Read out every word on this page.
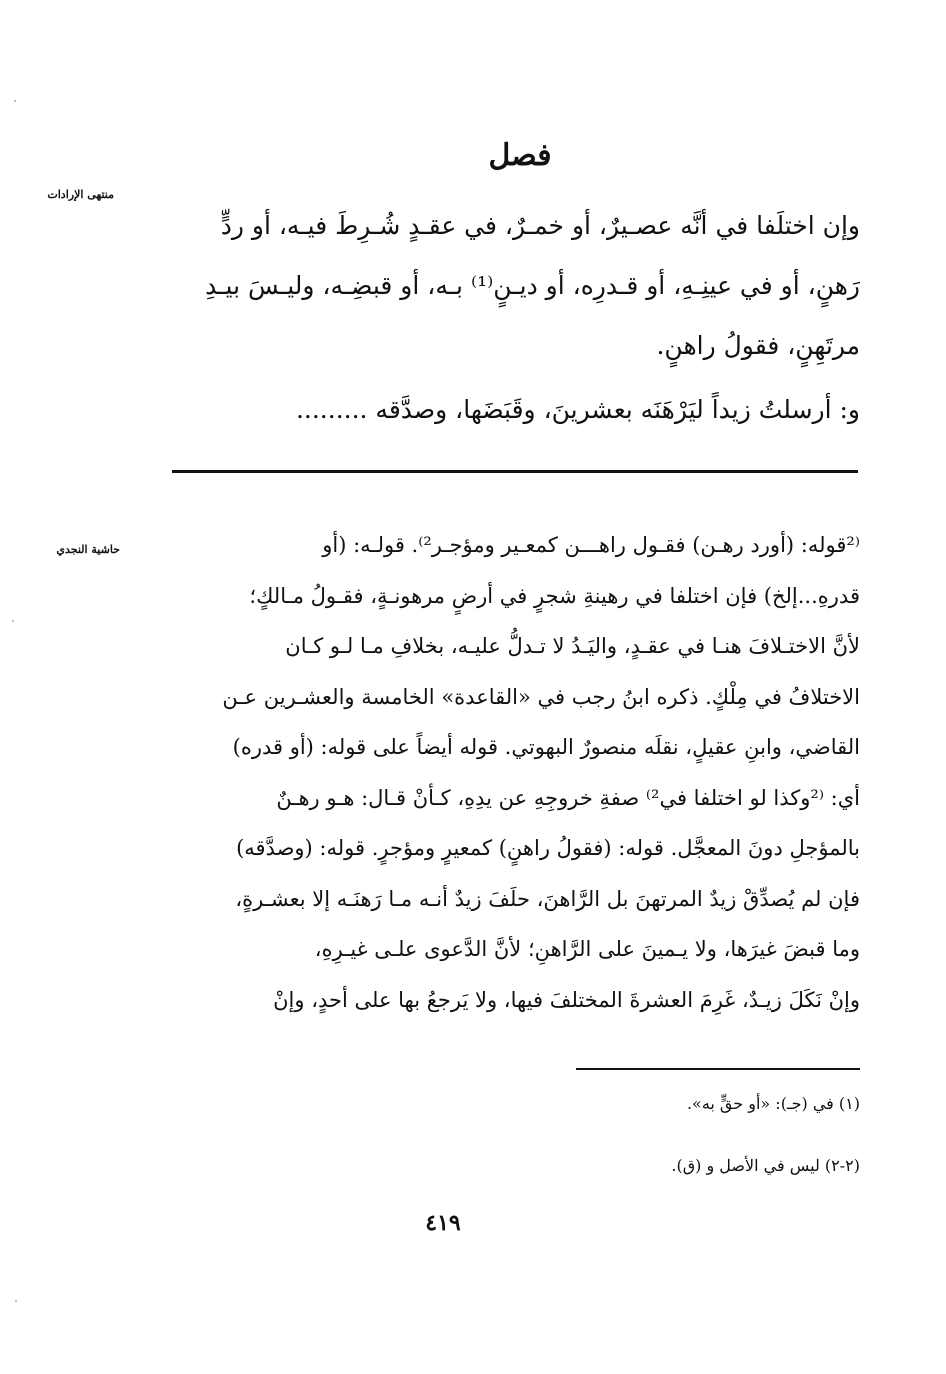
فصل
منتهى الإرادات
حاشية النجدي
وإن اختلَفا في أنَّه عصـيرٌ، أو خمـرٌ، في عقـدٍ شُـرِطَ فيـه، أو ردٍّ
رَهنٍ، أو في عينِـهِ، أو قـدرِه، أو ديـنٍ⁽¹⁾ بـه، أو قبضِـه، وليـسَ بيـدِ
مرتَهِنٍ، فقولُ راهنٍ.
و: أرسلتُ زيداً ليَرْهَنَه بعشرينَ، وقَبَضَها، وصدَّقه .........
⁽²قوله: (أورد رهـن) فقـول راهـــن كمعـير ومؤجـر²⁾. قولـه: (أو
قدرهِ...إلخ) فإن اختلفا في رهينةِ شجرٍ في أرضٍ مرهونـةٍ، فقـولُ مـالكٍ؛
لأنَّ الاختـلافَ هنـا في عقـدٍ، واليَـدُ لا تـدلُّ عليـه، بخلافِ مـا لـو كـان
الاختلافُ في مِلْكٍ. ذكره ابنُ رجب في «القاعدة» الخامسة والعشـرين عـن
القاضي، وابنِ عقيلٍ، نقلَه منصورٌ البهوتي. قوله أيضاً على قوله: (أو قدره)
أي: ⁽²وكذا لو اختلفا في²⁾ صفةِ خروجِهِ عن يدِهِ، كـأنْ قـال: هـو رهـنٌ
بالمؤجلِ دونَ المعجَّل. قوله: (فقولُ راهنٍ) كمعيرٍ ومؤجرٍ. قوله: (وصدَّقه)
فإن لم يُصدِّقْ زيدٌ المرتهنَ بل الرَّاهنَ، حلَفَ زيدٌ أنـه مـا رَهنَـه إلا بعشـرةٍ،
وما قبضَ غيرَها، ولا يـمينَ على الرَّاهنِ؛ لأنَّ الدَّعوى علـى غيـرِهِ،
وإنْ نَكَلَ زيـدٌ، غَرِمَ العشرةَ المختلفَ فيها، ولا يَرجعُ بها على أحدٍ، وإنْ
(١) في (جـ): «أو حقٍّ به».
(٢-٢) ليس في الأصل و (ق).
٤١٩
